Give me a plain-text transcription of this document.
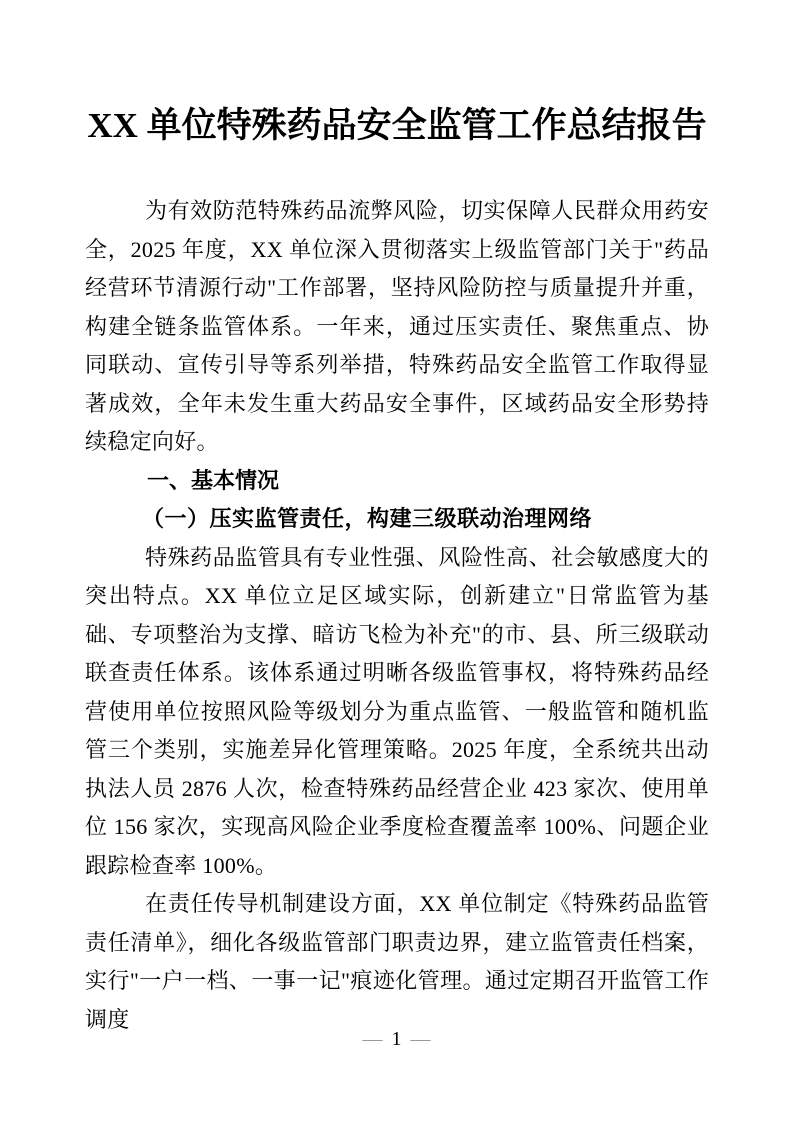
XX 单位特殊药品安全监管工作总结报告

为有效防范特殊药品流弊风险，切实保障人民群众用药安全，2025 年度，XX 单位深入贯彻落实上级监管部门关于"药品经营环节清源行动"工作部署，坚持风险防控与质量提升并重，构建全链条监管体系。一年来，通过压实责任、聚焦重点、协同联动、宣传引导等系列举措，特殊药品安全监管工作取得显著成效，全年未发生重大药品安全事件，区域药品安全形势持续稳定向好。

一、基本情况
（一）压实监管责任，构建三级联动治理网络

特殊药品监管具有专业性强、风险性高、社会敏感度大的突出特点。XX 单位立足区域实际，创新建立"日常监管为基础、专项整治为支撑、暗访飞检为补充"的市、县、所三级联动联查责任体系。该体系通过明晰各级监管事权，将特殊药品经营使用单位按照风险等级划分为重点监管、一般监管和随机监管三个类别，实施差异化管理策略。2025 年度，全系统共出动执法人员 2876 人次，检查特殊药品经营企业 423 家次、使用单位 156 家次，实现高风险企业季度检查覆盖率 100%、问题企业跟踪检查率 100%。

在责任传导机制建设方面，XX 单位制定《特殊药品监管责任清单》，细化各级监管部门职责边界，建立监管责任档案，实行"一户一档、一事一记"痕迹化管理。通过定期召开监管工作调度

— 1 —
